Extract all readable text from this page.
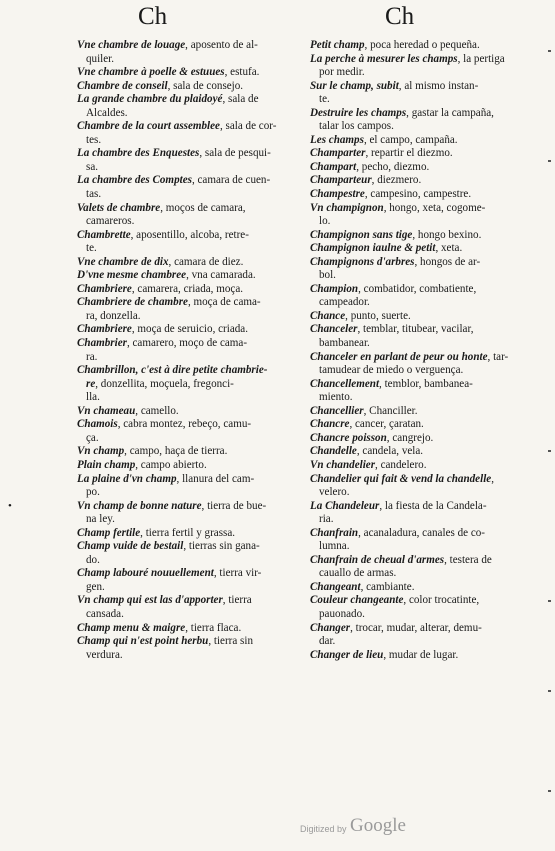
Ch	Ch
Vne chambre de louage, aposento de al-
quiler.
Vne chambre à poelle & estuues, estufa.
Chambre de conseil, sala de consejo.
La grande chambre du plaidoyé, sala de
Alcaldes.
Chambre de la court assemblee, sala de cor-
tes.
La chambre des Enquestes, sala de pesqui-
sa.
La chambre des Comptes, camara de cuen-
tas.
Valets de chambre, moços de camara,
camareros.
Chambrette, aposentillo, alcoba, retre-
te.
Vne chambre de dix, camara de diez.
D'vne mesme chambree, vna camarada.
Chambriere, camarera, criada, moça.
Chambriere de chambre, moça de cama-
ra, donzella.
Chambriere, moça de seruicio, criada.
Chambrier, camarero, moço de cama-
ra.
Chambrillon, c'est à dire petite chambrie-
re, donzellita, moçuela, fregonci-
lla.
Vn chameau, camello.
Chamois, cabra montez, rebeço, camu-
ça.
Vn champ, campo, haça de tierra.
Plain champ, campo abierto.
La plaine d'vn champ, llanura del cam-
po.
Vn champ de bonne nature, tierra de bue-
na ley.
Champ fertile, tierra fertil y grassa.
Champ vuide de bestail, tierras sin gana-
do.
Champ labouré nouuellement, tierra vir-
gen.
Vn champ qui est las d'apporter, tierra
cansada.
Champ menu & maigre, tierra flaca.
Champ qui n'est point herbu, tierra sin
verdura.
Petit champ, poca heredad o pequeña.
La perche à mesurer les champs, la pertiga
por medir.
Sur le champ, subit, al mismo instan-
te.
Destruire les champs, gastar la campaña,
talar los campos.
Les champs, el campo, campaña.
Champarter, repartir el diezmo.
Champart, pecho, diezmo.
Champarteur, diezmero.
Champestre, campesino, campestre.
Vn champignon, hongo, xeta, cogome-
lo.
Champignon sans tige, hongo bexino.
Champignon iaulne & petit, xeta.
Champignons d'arbres, hongos de ar-
bol.
Champion, combatidor, combatiente,
campeador.
Chance, punto, suerte.
Chanceler, temblar, titubear, vacilar,
bambanear.
Chanceler en parlant de peur ou honte, tar-
tamudear de miedo o verguença.
Chancellement, temblor, bambanea-
miento.
Chancellier, Chanciller.
Chancre, cancer, çaratan.
Chancre poisson, cangrejo.
Chandelle, candela, vela.
Vn chandelier, candelero.
Chandelier qui fait & vend la chandelle,
velero.
La Chandeleur, la fiesta de la Candela-
ria.
Chanfrain, acanaladura, canales de co-
lumna.
Chanfrain de cheual d'armes, testera de
cauallo de armas.
Changeant, cambiante.
Couleur changeante, color trocatinte,
pauonado.
Changer, trocar, mudar, alterar, demu-
dar.
Changer de lieu, mudar de lugar.
•
Digitized by Google
